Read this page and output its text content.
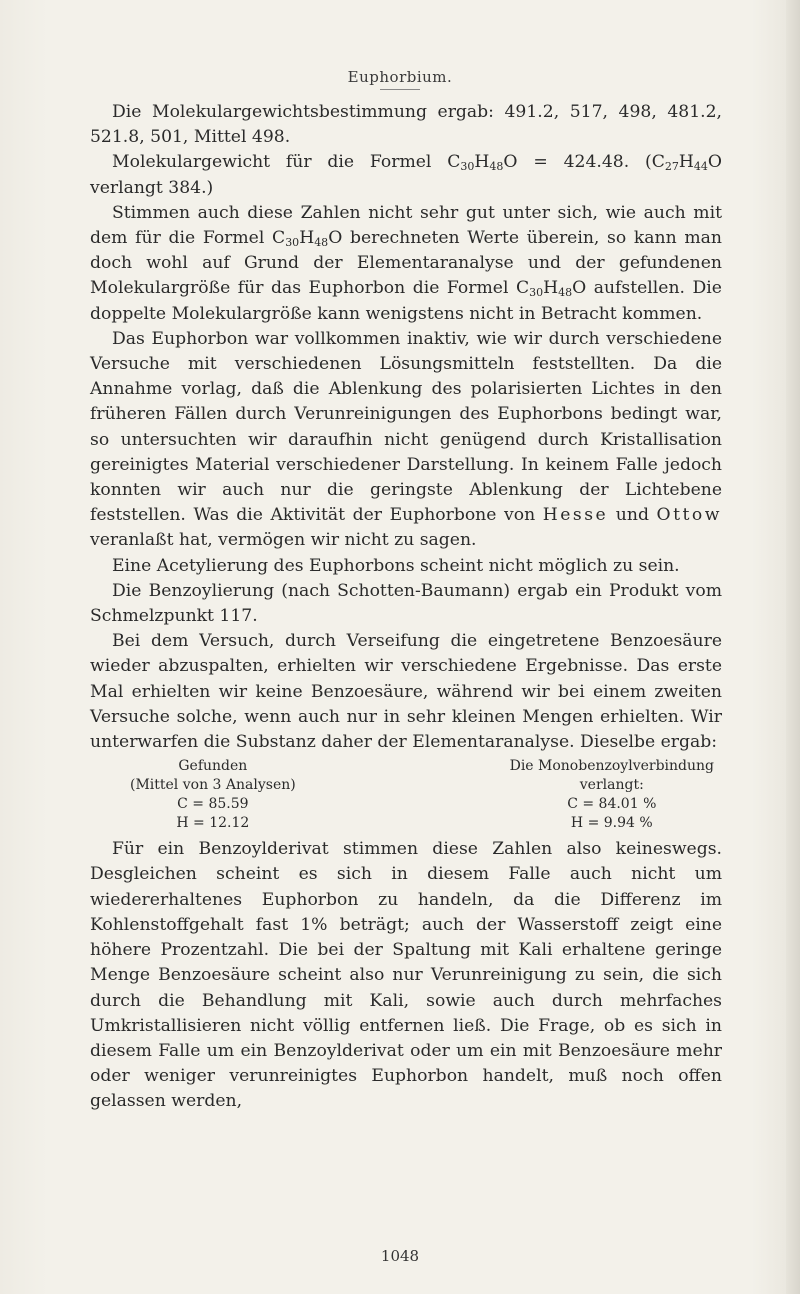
Euphorbium.

Die Molekulargewichtsbestimmung ergab: 491.2, 517, 498, 481.2, 521.8, 501, Mittel 498.

Molekulargewicht für die Formel $C_{30}H_{48}O = 424.48$. ($C_{27}H_{44}O$ verlangt 384.)

Stimmen auch diese Zahlen nicht sehr gut unter sich, wie auch mit dem für die Formel $C_{30}H_{48}O$ berechneten Werte überein, so kann man doch wohl auf Grund der Elementaranalyse und der gefundenen Molekulargröße für das Euphorbon die Formel $C_{30}H_{48}O$ aufstellen. Die doppelte Molekulargröße kann wenigstens nicht in Betracht kommen.

Das Euphorbon war vollkommen inaktiv, wie wir durch verschiedene Versuche mit verschiedenen Lösungsmitteln feststellten. Da die Annahme vorlag, daß die Ablenkung des polarisierten Lichtes in den früheren Fällen durch Verunreinigungen des Euphorbons bedingt war, so untersuchten wir daraufhin nicht genügend durch Kristallisation gereinigtes Material verschiedener Darstellung. In keinem Falle jedoch konnten wir auch nur die geringste Ablenkung der Lichtebene feststellen. Was die Aktivität der Euphorbone von Hesse und Ottow veranlaßt hat, vermögen wir nicht zu sagen.

Eine Acetylierung des Euphorbons scheint nicht möglich zu sein.

Die Benzoylierung (nach Schotten-Baumann) ergab ein Produkt vom Schmelzpunkt 117.

Bei dem Versuch, durch Verseifung die eingetretene Benzoesäure wieder abzuspalten, erhielten wir verschiedene Ergebnisse. Das erste Mal erhielten wir keine Benzoesäure, während wir bei einem zweiten Versuche solche, wenn auch nur in sehr kleinen Mengen erhielten. Wir unterwarfen die Substanz daher der Elementaranalyse. Dieselbe ergab:

Gefunden
(Mittel von 3 Analysen)
C = 85.59
H = 12.12
Die Monobenzoylverbindung
verlangt:
C = 84.01 %
H = 9.94 %

Für ein Benzoylderivat stimmen diese Zahlen also keineswegs. Desgleichen scheint es sich in diesem Falle auch nicht um wiedererhaltenes Euphorbon zu handeln, da die Differenz im Kohlenstoffgehalt fast 1% beträgt; auch der Wasserstoff zeigt eine höhere Prozentzahl. Die bei der Spaltung mit Kali erhaltene geringe Menge Benzoesäure scheint also nur Verunreinigung zu sein, die sich durch die Behandlung mit Kali, sowie auch durch mehrfaches Umkristallisieren nicht völlig entfernen ließ. Die Frage, ob es sich in diesem Falle um ein Benzoylderivat oder um ein mit Benzoesäure mehr oder weniger verunreinigtes Euphorbon handelt, muß noch offen gelassen werden,

1048
